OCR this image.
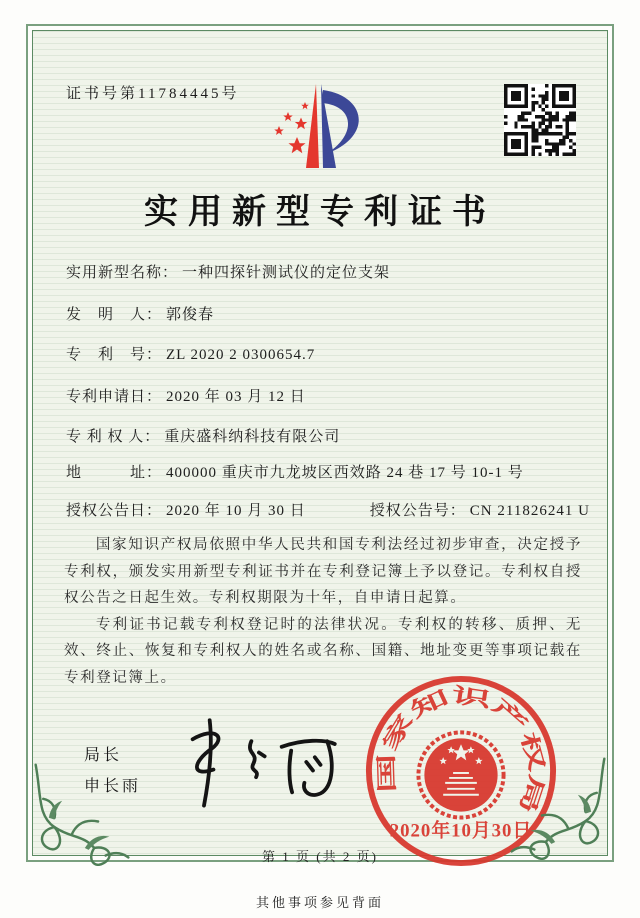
证书号第11784445号
实用新型专利证书
实用新型名称： 一种四探针测试仪的定位支架
发　明　人： 郭俊春
专　利　号： ZL 2020 2 0300654.7
专利申请日： 2020 年 03 月 12 日
专 利 权 人： 重庆盛科纳科技有限公司
地　　　址： 400000 重庆市九龙坡区西效路 24 巷 17 号 10-1 号
授权公告日： 2020 年 10 月 30 日	授权公告号： CN 211826241 U

国家知识产权局依照中华人民共和国专利法经过初步审查，决定授予专利权，颁发实用新型专利证书并在专利登记簿上予以登记。专利权自授权公告之日起生效。专利权期限为十年，自申请日起算。

专利证书记载专利权登记时的法律状况。专利权的转移、质押、无效、终止、恢复和专利权人的姓名或名称、国籍、地址变更等事项记载在专利登记簿上。

局长
申长雨	国家知识产权局
2020年10月30日
第 1 页 (共 2 页)
其他事项参见背面
